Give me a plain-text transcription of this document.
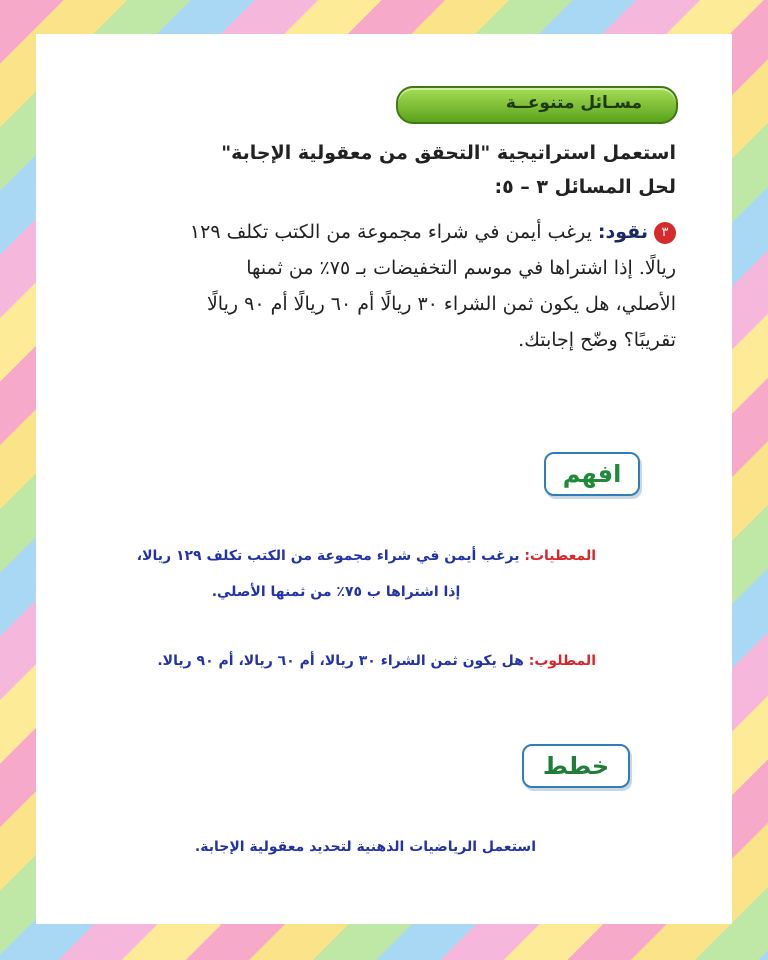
مسـائل متنوعــة
استعمل استراتيجية "التحقق من معقولية الإجابة" لحل المسائل ٣ – ٥:
٣نقود: يرغب أيمن في شراء مجموعة من الكتب تكلف ١٢٩ ريالًا. إذا اشتراها في موسم التخفيضات بـ ٧٥٪ من ثمنها الأصلي، هل يكون ثمن الشراء ٣٠ ريالًا أم ٦٠ ريالًا أم ٩٠ ريالًا تقريبًا؟ وضّح إجابتك.
افهم
المعطيات: يرغب أيمن في شراء مجموعة من الكتب تكلف ١٢٩ ريالا،
إذا اشتراها ب ٧٥٪ من ثمنها الأصلي.
المطلوب: هل يكون ثمن الشراء ٣٠ ريالا، أم ٦٠ ريالا، أم ٩٠ ريالا.
خطط
استعمل الرياضيات الذهنية لتحديد معقولية الإجابة.
